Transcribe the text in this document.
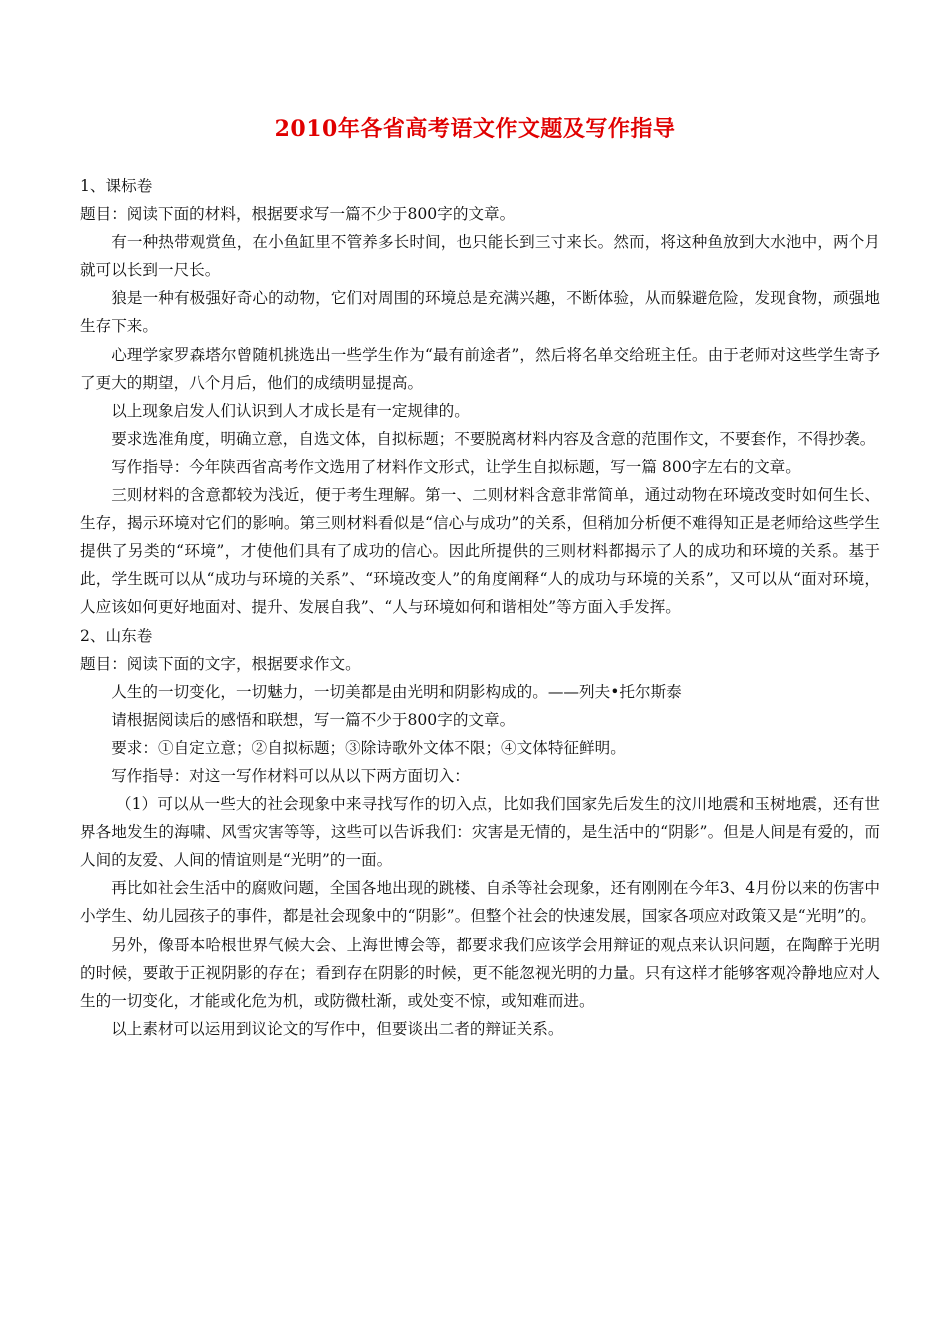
2010年各省高考语文作文题及写作指导

1、课标卷

题目：阅读下面的材料，根据要求写一篇不少于800字的文章。

有一种热带观赏鱼，在小鱼缸里不管养多长时间，也只能长到三寸来长。然而，将这种鱼放到大水池中，两个月就可以长到一尺长。

狼是一种有极强好奇心的动物，它们对周围的环境总是充满兴趣，不断体验，从而躲避危险，发现食物，顽强地生存下来。

心理学家罗森塔尔曾随机挑选出一些学生作为“最有前途者”，然后将名单交给班主任。由于老师对这些学生寄予了更大的期望，八个月后，他们的成绩明显提高。

以上现象启发人们认识到人才成长是有一定规律的。

要求选准角度，明确立意，自选文体，自拟标题；不要脱离材料内容及含意的范围作文，不要套作，不得抄袭。

写作指导：今年陕西省高考作文选用了材料作文形式，让学生自拟标题，写一篇 800字左右的文章。

三则材料的含意都较为浅近，便于考生理解。第一、二则材料含意非常简单，通过动物在环境改变时如何生长、生存，揭示环境对它们的影响。第三则材料看似是“信心与成功”的关系，但稍加分析便不难得知正是老师给这些学生提供了另类的“环境”，才使他们具有了成功的信心。因此所提供的三则材料都揭示了人的成功和环境的关系。基于此，学生既可以从“成功与环境的关系”、“环境改变人”的角度阐释“人的成功与环境的关系”，又可以从“面对环境，人应该如何更好地面对、提升、发展自我”、“人与环境如何和谐相处”等方面入手发挥。

2、山东卷

题目：阅读下面的文字，根据要求作文。

人生的一切变化，一切魅力，一切美都是由光明和阴影构成的。——列夫•托尔斯泰

请根据阅读后的感悟和联想，写一篇不少于800字的文章。

要求：①自定立意；②自拟标题；③除诗歌外文体不限；④文体特征鲜明。

写作指导：对这一写作材料可以从以下两方面切入：

（1）可以从一些大的社会现象中来寻找写作的切入点，比如我们国家先后发生的汶川地震和玉树地震，还有世界各地发生的海啸、风雪灾害等等，这些可以告诉我们：灾害是无情的，是生活中的“阴影”。但是人间是有爱的，而人间的友爱、人间的情谊则是“光明”的一面。

再比如社会生活中的腐败问题，全国各地出现的跳楼、自杀等社会现象，还有刚刚在今年3、4月份以来的伤害中小学生、幼儿园孩子的事件，都是社会现象中的“阴影”。但整个社会的快速发展，国家各项应对政策又是“光明”的。

另外，像哥本哈根世界气候大会、上海世博会等，都要求我们应该学会用辩证的观点来认识问题，在陶醉于光明的时候，要敢于正视阴影的存在；看到存在阴影的时候，更不能忽视光明的力量。只有这样才能够客观冷静地应对人生的一切变化，才能或化危为机，或防微杜渐，或处变不惊，或知难而进。

以上素材可以运用到议论文的写作中，但要谈出二者的辩证关系。
